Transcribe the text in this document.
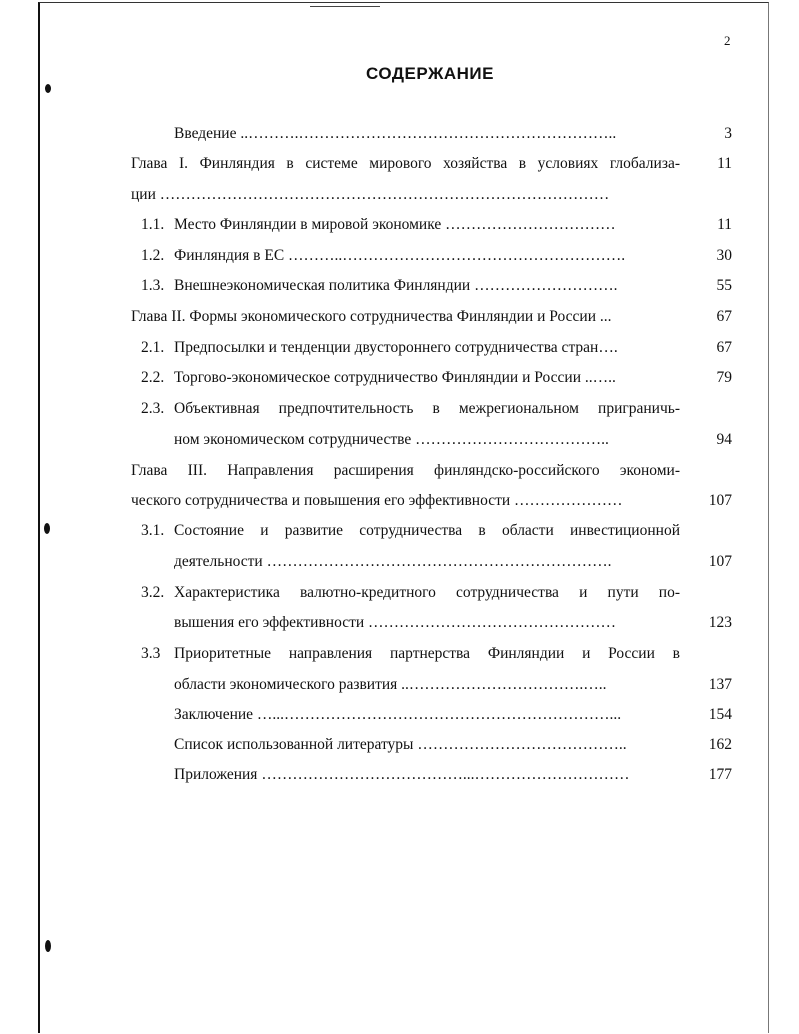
2
СОДЕРЖАНИЕ
Введение ..……….……………………………………………………..	3
Глава I. Финляндия в системе мирового хозяйства в условиях глобализа- 11
ции ……………………………………………………………………………
1.1. Место Финляндии в мировой экономике ……………………………	11
1.2. Финляндия в ЕС ………..……………………………………………….	30
1.3. Внешнеэкономическая политика Финляндии ……………………….	55
Глава II. Формы экономического сотрудничества Финляндии и России ...	67
2.1. Предпосылки и тенденции двустороннего сотрудничества стран….	67
2.2. Торгово-экономическое сотрудничество Финляндии и России ..…..	79
2.3. Объективная предпочтительность в межрегиональном приграничь-
ном экономическом сотрудничестве ………………………………..	94
Глава III. Направления расширения финляндско-российского экономи-
ческого сотрудничества и повышения его эффективности …………………	107
3.1. Состояние и развитие сотрудничества в области инвестиционной
деятельности ………………………………………………………….	107
3.2. Характеристика валютно-кредитного сотрудничества и пути по-
вышения его эффективности …………………………………………	123
3.3 Приоритетные направления партнерства Финляндии и России в
области экономического развития ..…………………………….…..	137
Заключение …...………………………………………………………...	154
Список использованной литературы …………………………………..	162
Приложения …………………………………...…………………………	177
